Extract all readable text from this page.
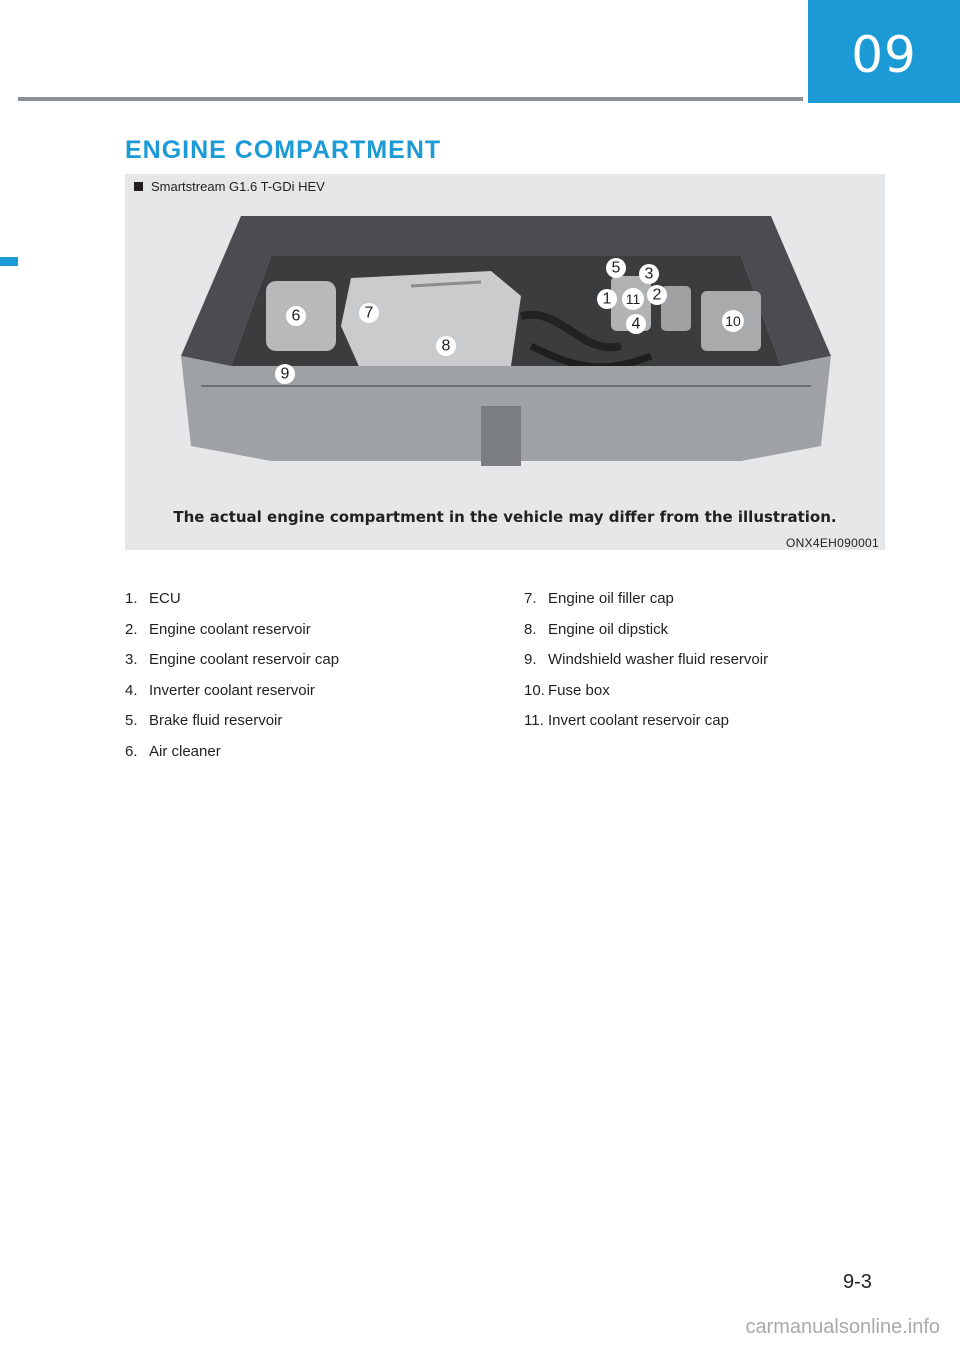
09
ENGINE COMPARTMENT
Smartstream G1.6 T-GDi HEV
5 3
1 11 2
4	10
6	7
8
9
The actual engine compartment in the vehicle may differ from the illustration.
ONX4EH090001
1. ECU
2. Engine coolant reservoir
3. Engine coolant reservoir cap
4. Inverter coolant reservoir
5. Brake fluid reservoir
6. Air cleaner
7. Engine oil filler cap
8. Engine oil dipstick
9. Windshield washer fluid reservoir
10. Fuse box
11. Invert coolant reservoir cap
9-3
carmanualsonline.info
